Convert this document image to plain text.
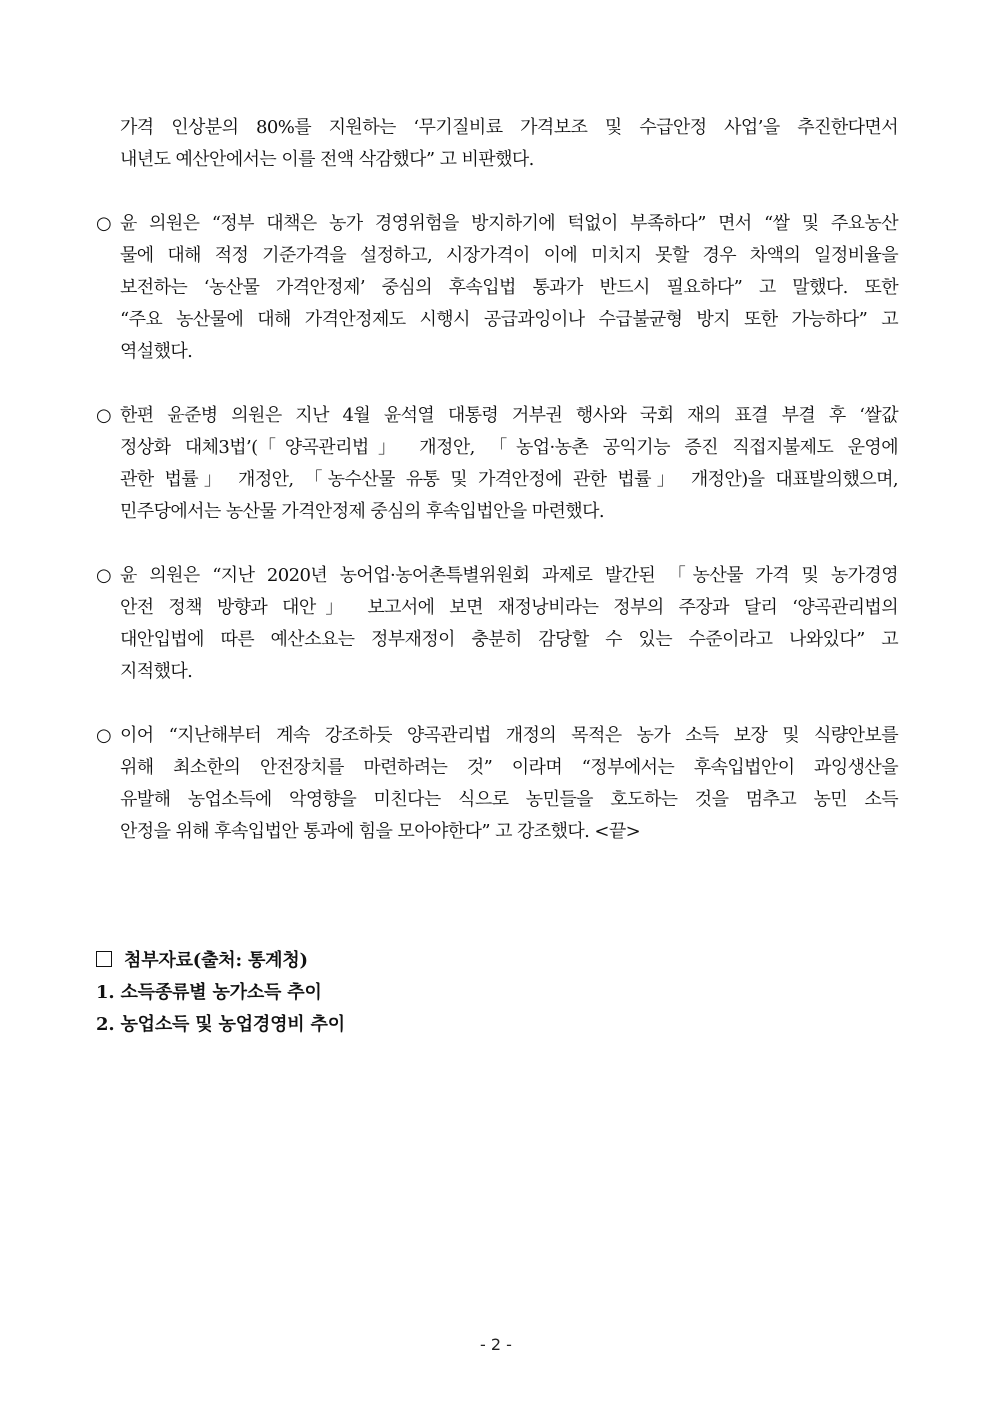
가격 인상분의 80%를 지원하는 ‘무기질비료 가격보조 및 수급안정 사업’을 추진한다면서
내년도 예산안에서는 이를 전액 삭감했다” 고 비판했다.
○ 윤 의원은 “정부 대책은 농가 경영위험을 방지하기에 턱없이 부족하다” 면서 “쌀 및 주요농산
물에 대해 적정 기준가격을 설정하고, 시장가격이 이에 미치지 못할 경우 차액의 일정비율을
보전하는 ‘농산물 가격안정제’ 중심의 후속입법 통과가 반드시 필요하다” 고 말했다. 또한
“주요 농산물에 대해 가격안정제도 시행시 공급과잉이나 수급불균형 방지 또한 가능하다” 고
역설했다.
○ 한편 윤준병 의원은 지난 4월 윤석열 대통령 거부권 행사와 국회 재의 표결 부결 후 ‘쌀값
정상화 대체3법’(「양곡관리법」 개정안, 「농업·농촌 공익기능 증진 직접지불제도 운영에
관한 법률」 개정안, 「농수산물 유통 및 가격안정에 관한 법률」 개정안)을 대표발의했으며,
민주당에서는 농산물 가격안정제 중심의 후속입법안을 마련했다.
○ 윤 의원은 “지난 2020년 농어업·농어촌특별위원회 과제로 발간된 「농산물 가격 및 농가경영
안전 정책 방향과 대안」 보고서에 보면 재정낭비라는 정부의 주장과 달리 ‘양곡관리법의
대안입법에 따른 예산소요는 정부재정이 충분히 감당할 수 있는 수준이라고 나와있다” 고
지적했다.
○ 이어 “지난해부터 계속 강조하듯 양곡관리법 개정의 목적은 농가 소득 보장 및 식량안보를
위해 최소한의 안전장치를 마련하려는 것” 이라며 “정부에서는 후속입법안이 과잉생산을
유발해 농업소득에 악영향을 미친다는 식으로 농민들을 호도하는 것을 멈추고 농민 소득
안정을 위해 후속입법안 통과에 힘을 모아야한다” 고 강조했다. <끝>
첨부자료(출처: 통계청)
1. 소득종류별 농가소득 추이
2. 농업소득 및 농업경영비 추이
- 2 -
